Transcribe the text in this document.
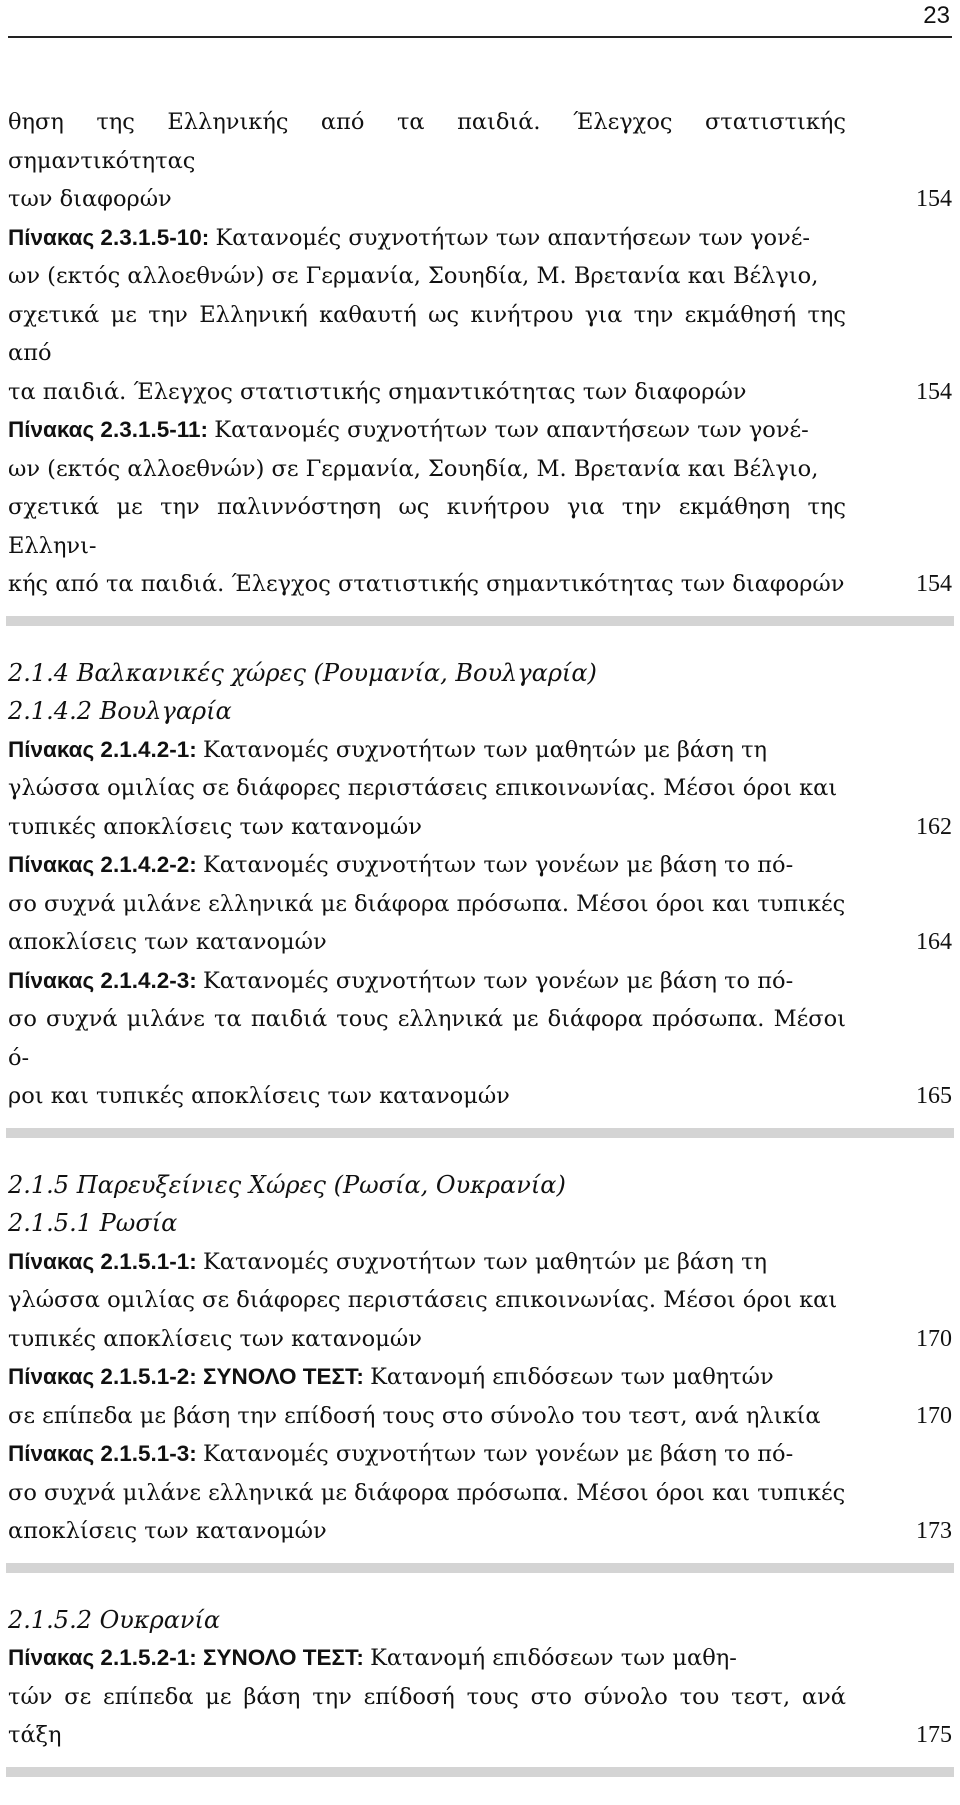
23
θηση της Ελληνικής από τα παιδιά. Έλεγχος στατιστικής σημαντικότητας
των διαφορών	154
Πίνακας 2.3.1.5-10: Κατανομές συχνοτήτων των απαντήσεων των γονέ-
ων (εκτός αλλοεθνών) σε Γερμανία, Σουηδία, Μ. Βρετανία και Βέλγιο,
σχετικά με την Ελληνική καθαυτή ως κινήτρου για την εκμάθησή της από
τα παιδιά. Έλεγχος στατιστικής σημαντικότητας των διαφορών	154
Πίνακας 2.3.1.5-11: Κατανομές συχνοτήτων των απαντήσεων των γονέ-
ων (εκτός αλλοεθνών) σε Γερμανία, Σουηδία, Μ. Βρετανία και Βέλγιο,
σχετικά με την παλιννόστηση ως κινήτρου για την εκμάθηση της Ελληνι-
κής από τα παιδιά. Έλεγχος στατιστικής σημαντικότητας των διαφορών	154
2.1.4 Βαλκανικές χώρες (Ρουμανία, Βουλγαρία)
2.1.4.2 Βουλγαρία
Πίνακας 2.1.4.2-1: Κατανομές συχνοτήτων των μαθητών με βάση τη
γλώσσα ομιλίας σε διάφορες περιστάσεις επικοινωνίας. Μέσοι όροι και
τυπικές αποκλίσεις των κατανομών	162
Πίνακας 2.1.4.2-2: Κατανομές συχνοτήτων των γονέων με βάση το πό-
σο συχνά μιλάνε ελληνικά με διάφορα πρόσωπα. Μέσοι όροι και τυπικές
αποκλίσεις των κατανομών	164
Πίνακας 2.1.4.2-3: Κατανομές συχνοτήτων των γονέων με βάση το πό-
σο συχνά μιλάνε τα παιδιά τους ελληνικά με διάφορα πρόσωπα. Μέσοι ό-
ροι και τυπικές αποκλίσεις των κατανομών	165
2.1.5 Παρευξείνιες Χώρες (Ρωσία, Ουκρανία)
2.1.5.1 Ρωσία
Πίνακας 2.1.5.1-1: Κατανομές συχνοτήτων των μαθητών με βάση τη
γλώσσα ομιλίας σε διάφορες περιστάσεις επικοινωνίας. Μέσοι όροι και
τυπικές αποκλίσεις των κατανομών	170
Πίνακας 2.1.5.1-2: ΣΥΝΟΛΟ ΤΕΣΤ: Κατανομή επιδόσεων των μαθητών
σε επίπεδα με βάση την επίδοσή τους στο σύνολο του τεστ, ανά ηλικία	170
Πίνακας 2.1.5.1-3: Κατανομές συχνοτήτων των γονέων με βάση το πό-
σο συχνά μιλάνε ελληνικά με διάφορα πρόσωπα. Μέσοι όροι και τυπικές
αποκλίσεις των κατανομών	173
2.1.5.2 Ουκρανία
Πίνακας 2.1.5.2-1: ΣΥΝΟΛΟ ΤΕΣΤ: Κατανομή επιδόσεων των μαθη-
τών σε επίπεδα με βάση την επίδοσή τους στο σύνολο του τεστ, ανά τάξη	175
